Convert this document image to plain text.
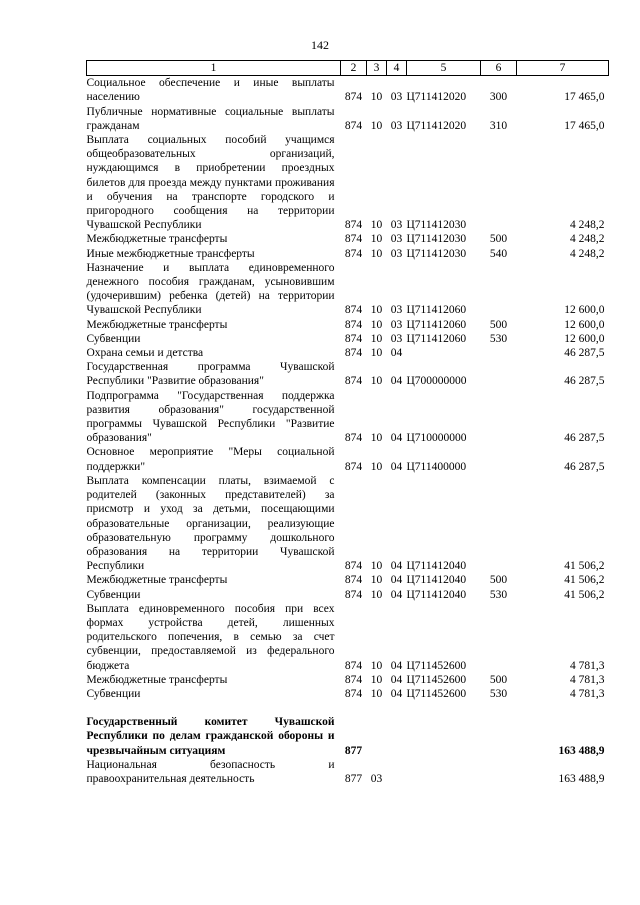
142
1	2	3	4	5	6	7
Социальное обеспечение и иные выплаты населению	874	10	03	Ц711412020	300	17 465,0
Публичные нормативные социальные выплаты гражданам	874	10	03	Ц711412020	310	17 465,0
Выплата социальных пособий учащимся общеобразовательных организаций, нуждающимся в приобретении проездных билетов для проезда между пунктами проживания и обучения на транспорте городского и пригородного сообщения на территории Чувашской Республики	874	10	03	Ц711412030		4 248,2
Межбюджетные трансферты	874	10	03	Ц711412030	500	4 248,2
Иные межбюджетные трансферты	874	10	03	Ц711412030	540	4 248,2
Назначение и выплата единовременного денежного пособия гражданам, усыновившим (удочерившим) ребенка (детей) на территории Чувашской Республики	874	10	03	Ц711412060		12 600,0
Межбюджетные трансферты	874	10	03	Ц711412060	500	12 600,0
Субвенции	874	10	03	Ц711412060	530	12 600,0
Охрана семьи и детства	874	10	04			46 287,5
Государственная программа Чувашской Республики "Развитие образования"	874	10	04	Ц700000000		46 287,5
Подпрограмма "Государственная поддержка развития образования" государственной программы Чувашской Республики "Развитие образования"	874	10	04	Ц710000000		46 287,5
Основное мероприятие "Меры социальной поддержки"	874	10	04	Ц711400000		46 287,5
Выплата компенсации платы, взимаемой с родителей (законных представителей) за присмотр и уход за детьми, посещающими образовательные организации, реализующие образовательную программу дошкольного образования на территории Чувашской Республики	874	10	04	Ц711412040		41 506,2
Межбюджетные трансферты	874	10	04	Ц711412040	500	41 506,2
Субвенции	874	10	04	Ц711412040	530	41 506,2
Выплата единовременного пособия при всех формах устройства детей, лишенных родительского попечения, в семью за счет субвенции, предоставляемой из федерального бюджета	874	10	04	Ц711452600		4 781,3
Межбюджетные трансферты	874	10	04	Ц711452600	500	4 781,3
Субвенции	874	10	04	Ц711452600	530	4 781,3

Государственный комитет Чувашской Республики по делам гражданской обороны и чрезвычайным ситуациям	877					163 488,9
Национальная безопасность и правоохранительная деятельность	877	03				163 488,9
